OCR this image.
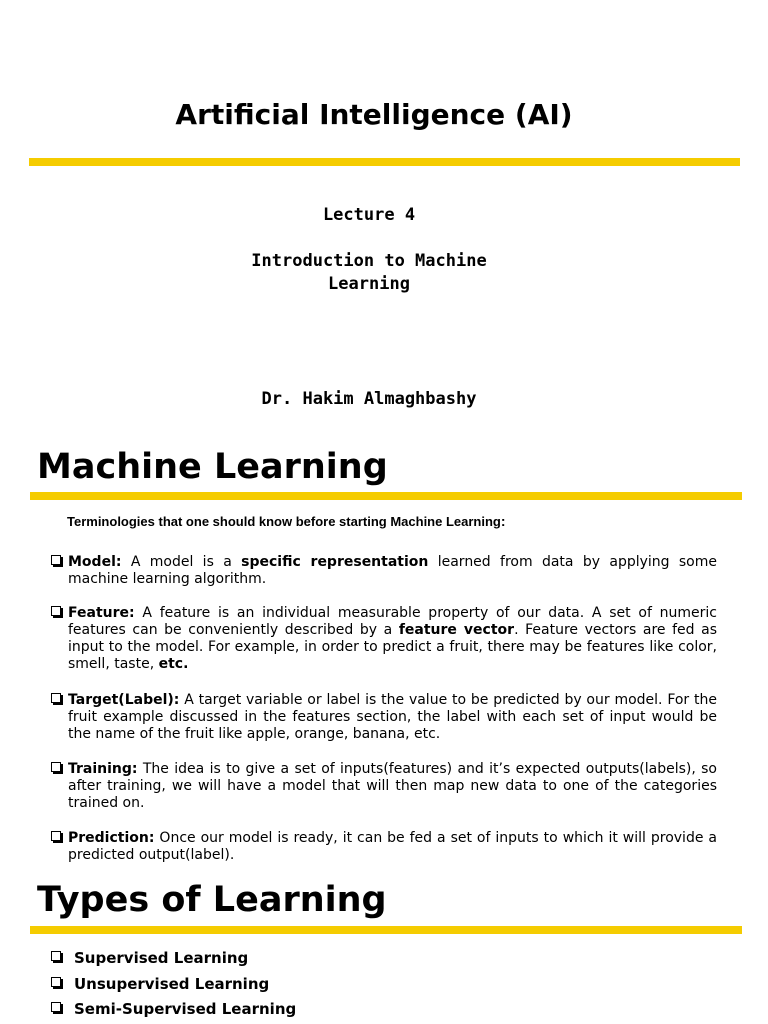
Artificial Intelligence (AI)
Lecture 4
Introduction to Machine
Learning
Dr. Hakim Almaghbashy
Machine Learning
Terminologies that one should know before starting Machine Learning:
Model: A model is a specific representation learned from data by applying some machine learning algorithm.
Feature: A feature is an individual measurable property of our data. A set of numeric features can be conveniently described by a feature vector. Feature vectors are fed as input to the model. For example, in order to predict a fruit, there may be features like color, smell, taste, etc.
Target(Label): A target variable or label is the value to be predicted by our model. For the fruit example discussed in the features section, the label with each set of input would be the name of the fruit like apple, orange, banana, etc.
Training: The idea is to give a set of inputs(features) and it’s expected outputs(labels), so after training, we will have a model that will then map new data to one of the categories trained on.
Prediction: Once our model is ready, it can be fed a set of inputs to which it will provide a predicted output(label).
Types of Learning
Supervised Learning
Unsupervised Learning
Semi-Supervised Learning
